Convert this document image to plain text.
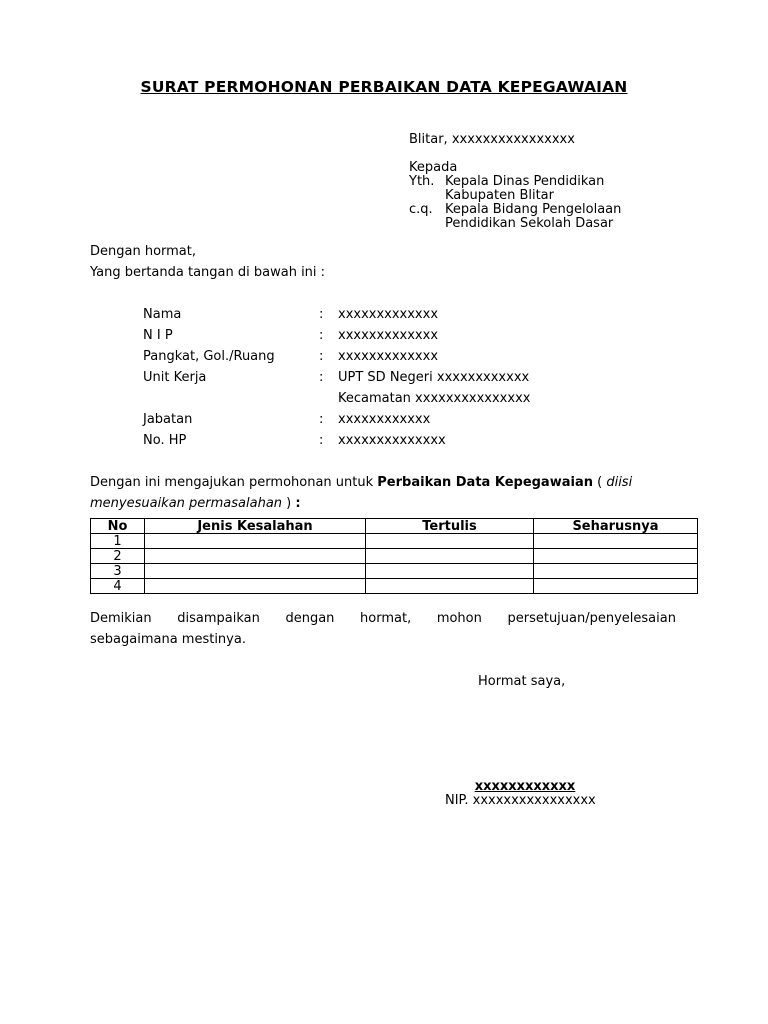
SURAT PERMOHONAN PERBAIKAN DATA KEPEGAWAIAN
Blitar, xxxxxxxxxxxxxxxx
Kepada
Yth. Kepala Dinas Pendidikan
Kabupaten Blitar
c.q. Kepala Bidang Pengelolaan
Pendidikan Sekolah Dasar
Dengan hormat,
Yang bertanda tangan di bawah ini :
Nama	: xxxxxxxxxxxxx
N I P	: xxxxxxxxxxxxx
Pangkat, Gol./Ruang	: xxxxxxxxxxxxx
Unit Kerja	: UPT SD Negeri xxxxxxxxxxxx
Kecamatan xxxxxxxxxxxxxxx
Jabatan	: xxxxxxxxxxxx
No. HP	: xxxxxxxxxxxxxx
Dengan ini mengajukan permohonan untuk Perbaikan Data Kepegawaian ( diisi
menyesuaikan permasalahan ) :
No	Jenis Kesalahan	Tertulis	Seharusnya
1			
2			
3			
4			
Demikian disampaikan dengan hormat, mohon persetujuan/penyelesaian
sebagaimana mestinya.
Hormat saya,
xxxxxxxxxxxx
NIP. xxxxxxxxxxxxxxxx
